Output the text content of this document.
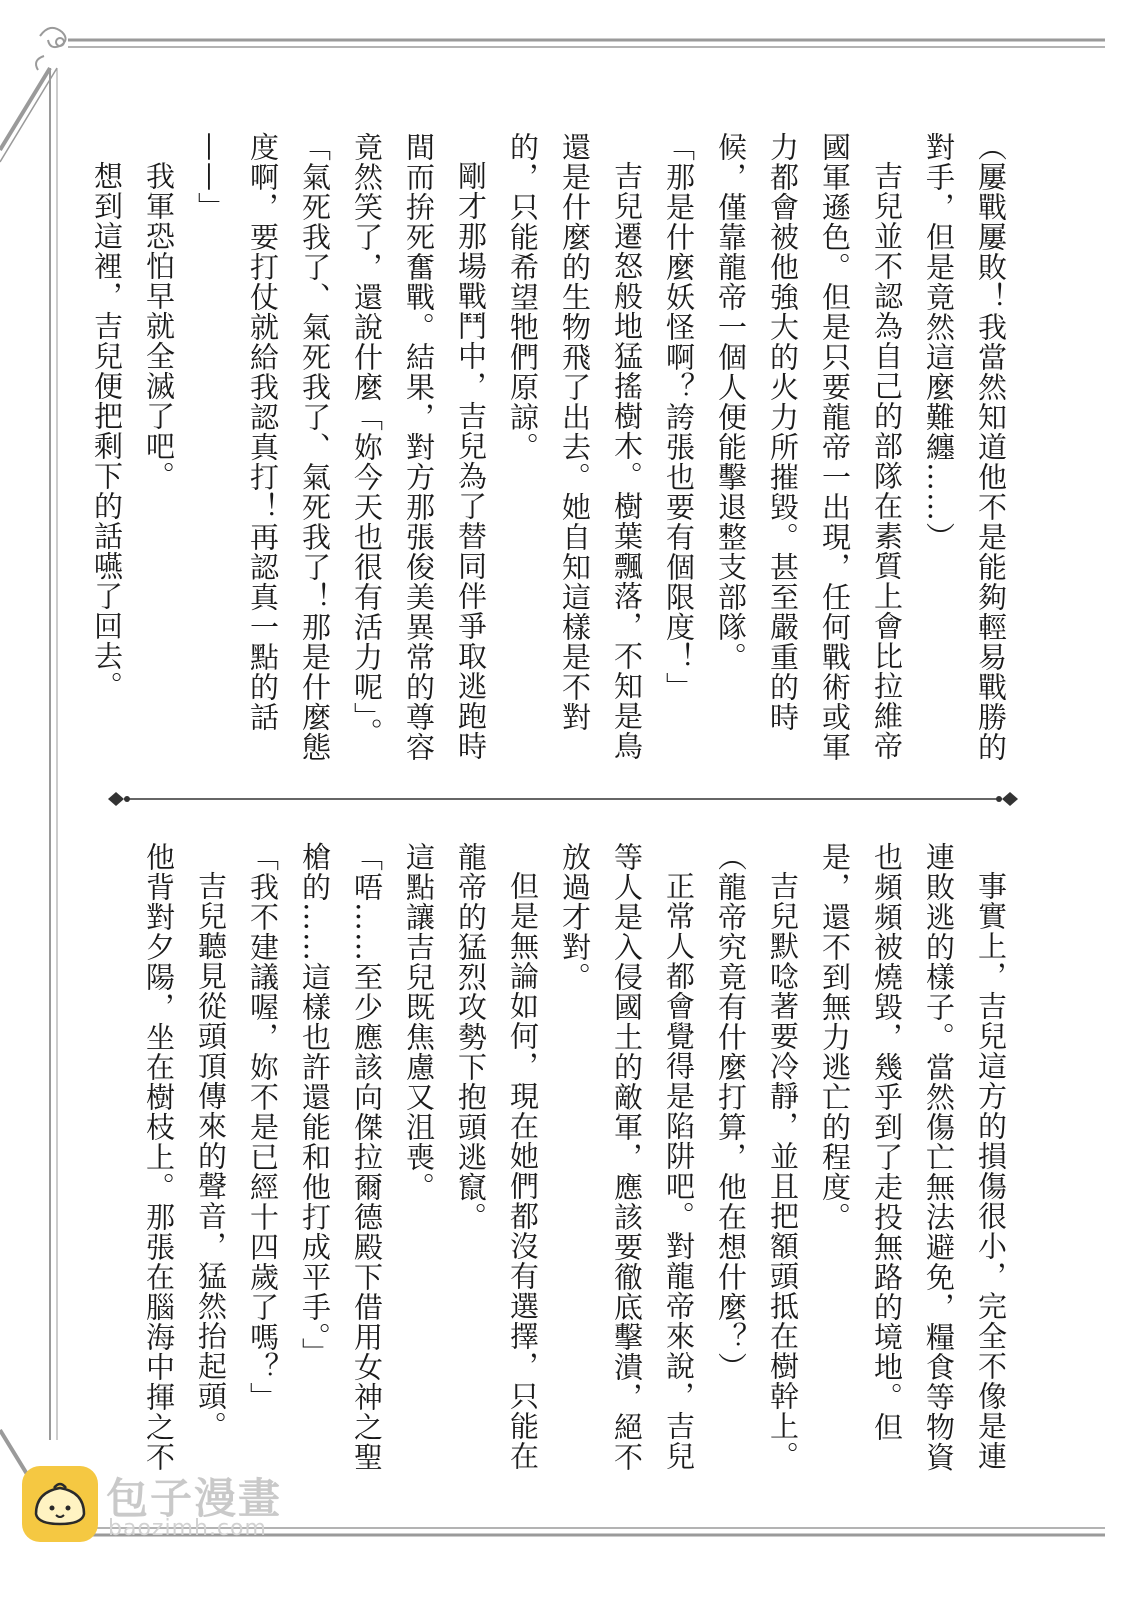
（屢戰屢敗！我當然知道他不是能夠輕易戰勝的對手，但是竟然這麼難纏……）

吉兒並不認為自己的部隊在素質上會比拉維帝國軍遜色。但是只要龍帝一出現，任何戰術或軍力都會被他強大的火力所摧毀。甚至嚴重的時候，僅靠龍帝一個人便能擊退整支部隊。

「那是什麼妖怪啊？誇張也要有個限度！」

吉兒遷怒般地猛搖樹木。樹葉飄落，不知是鳥還是什麼的生物飛了出去。她自知這樣是不對的，只能希望牠們原諒。

剛才那場戰鬥中，吉兒為了替同伴爭取逃跑時間而拚死奮戰。結果，對方那張俊美異常的尊容竟然笑了，還說什麼「妳今天也很有活力呢」。

「氣死我了、氣死我了、氣死我了！那是什麼態度啊，要打仗就給我認真打！再認真一點的話——」

我軍恐怕早就全滅了吧。

想到這裡，吉兒便把剩下的話嚥了回去。

事實上，吉兒這方的損傷很小，完全不像是連連敗逃的樣子。當然傷亡無法避免，糧食等物資也頻頻被燒毀，幾乎到了走投無路的境地。但是，還不到無力逃亡的程度。

吉兒默唸著要冷靜，並且把額頭抵在樹幹上。

（龍帝究竟有什麼打算，他在想什麼？）

正常人都會覺得是陷阱吧。對龍帝來說，吉兒等人是入侵國土的敵軍，應該要徹底擊潰，絕不放過才對。

但是無論如何，現在她們都沒有選擇，只能在龍帝的猛烈攻勢下抱頭逃竄。

這點讓吉兒既焦慮又沮喪。

「唔……至少應該向傑拉爾德殿下借用女神之聖槍的……這樣也許還能和他打成平手。」

「我不建議喔，妳不是已經十四歲了嗎？」

吉兒聽見從頭頂傳來的聲音，猛然抬起頭。

他背對夕陽，坐在樹枝上。那張在腦海中揮之不

包子漫畫
baozimh.com
